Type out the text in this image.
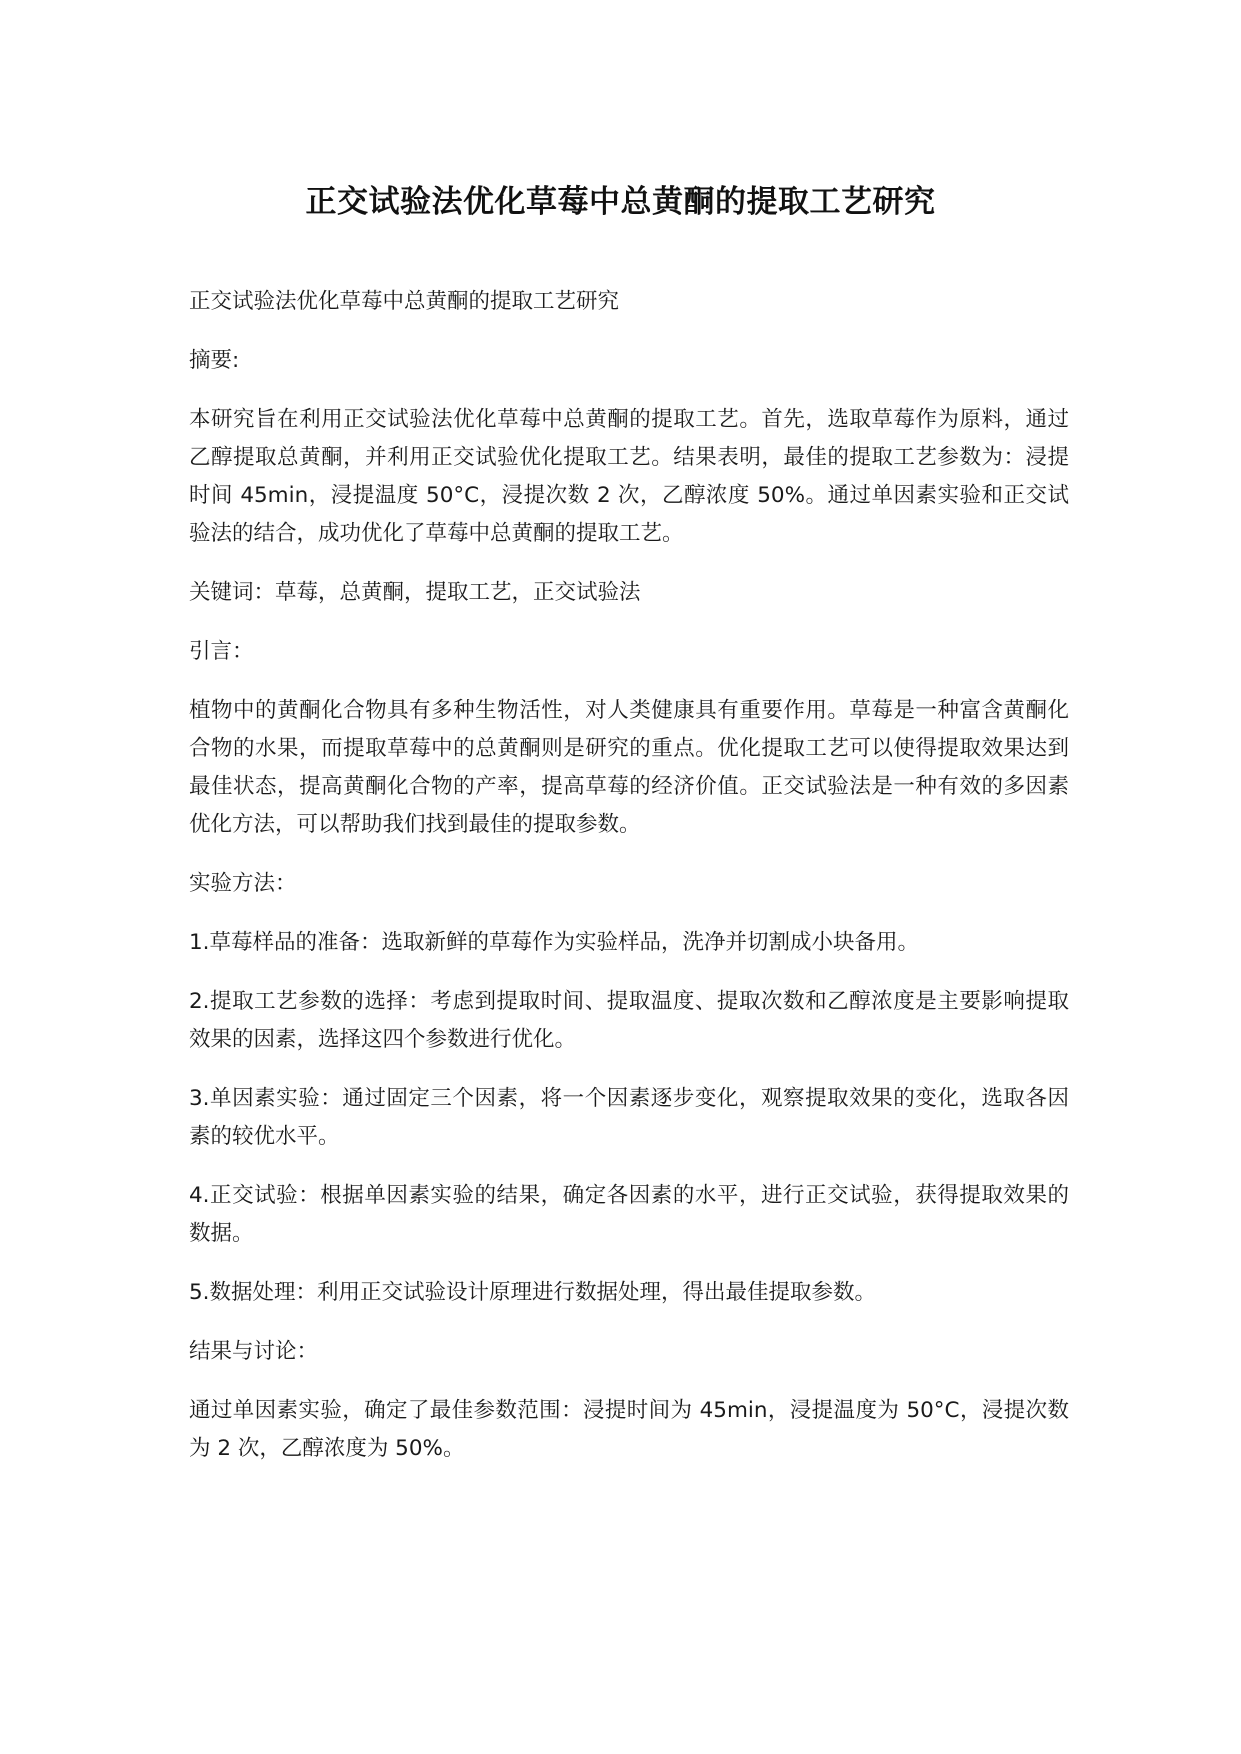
正交试验法优化草莓中总黄酮的提取工艺研究

正交试验法优化草莓中总黄酮的提取工艺研究

摘要:

本研究旨在利用正交试验法优化草莓中总黄酮的提取工艺。首先，选取草莓作为原料，通过乙醇提取总黄酮，并利用正交试验优化提取工艺。结果表明，最佳的提取工艺参数为：浸提时间 45min，浸提温度 50°C，浸提次数 2 次，乙醇浓度 50%。通过单因素实验和正交试验法的结合，成功优化了草莓中总黄酮的提取工艺。

关键词：草莓，总黄酮，提取工艺，正交试验法

引言：

植物中的黄酮化合物具有多种生物活性，对人类健康具有重要作用。草莓是一种富含黄酮化合物的水果，而提取草莓中的总黄酮则是研究的重点。优化提取工艺可以使得提取效果达到最佳状态，提高黄酮化合物的产率，提高草莓的经济价值。正交试验法是一种有效的多因素优化方法，可以帮助我们找到最佳的提取参数。

实验方法：

1.草莓样品的准备：选取新鲜的草莓作为实验样品，洗净并切割成小块备用。

2.提取工艺参数的选择：考虑到提取时间、提取温度、提取次数和乙醇浓度是主要影响提取效果的因素，选择这四个参数进行优化。

3.单因素实验：通过固定三个因素，将一个因素逐步变化，观察提取效果的变化，选取各因素的较优水平。

4.正交试验：根据单因素实验的结果，确定各因素的水平，进行正交试验，获得提取效果的数据。

5.数据处理：利用正交试验设计原理进行数据处理，得出最佳提取参数。

结果与讨论：

通过单因素实验，确定了最佳参数范围：浸提时间为 45min，浸提温度为 50°C，浸提次数为 2 次，乙醇浓度为 50%。
